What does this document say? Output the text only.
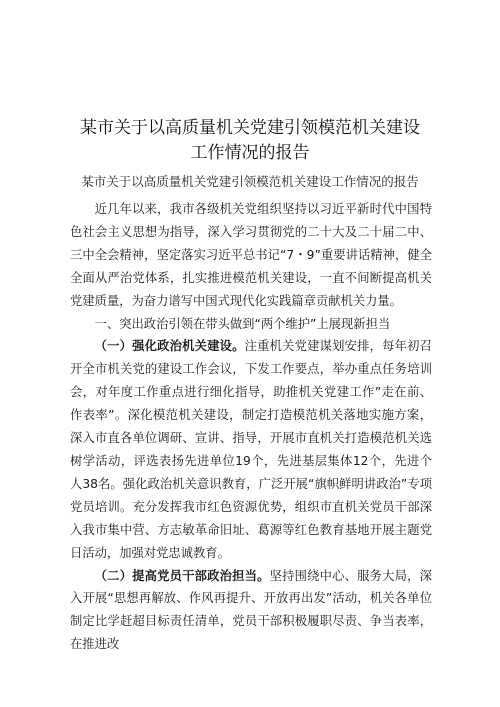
某市关于以高质量机关党建引领模范机关建设
工作情况的报告
某市关于以高质量机关党建引领模范机关建设工作情况的报告

近几年以来，我市各级机关党组织坚持以习近平新时代中国特色社会主义思想为指导，深入学习贯彻党的二十大及二十届二中、三中全会精神，坚定落实习近平总书记“7・9”重要讲话精神，健全全面从严治党体系，扎实推进模范机关建设，一直不间断提高机关党建质量，为奋力谱写中国式现代化实践篇章贡献机关力量。

一、突出政治引领在带头做到“两个维护”上展现新担当

（一）强化政治机关建设。注重机关党建谋划安排，每年初召开全市机关党的建设工作会议，下发工作要点，举办重点任务培训会，对年度工作重点进行细化指导，助推机关党建工作”走在前、作表率”。深化模范机关建设，制定打造模范机关落地实施方案，深入市直各单位调研、宣讲、指导，开展市直机关打造模范机关选树学活动，评选表扬先进单位19个，先进基层集体12个，先进个人38名。强化政治机关意识教育，广泛开展“旗帜鲜明讲政治”专项党员培训。充分发挥我市红色资源优势，组织市直机关党员干部深入我市集中营、方志敏革命旧址、葛源等红色教育基地开展主题党日活动，加强对党忠诚教育。

（二）提高党员干部政治担当。坚持围绕中心、服务大局，深入开展“思想再解放、作风再提升、开放再出发”活动，机关各单位制定比学赶超目标责任清单，党员干部积极履职尽责、争当表率，在推进改
